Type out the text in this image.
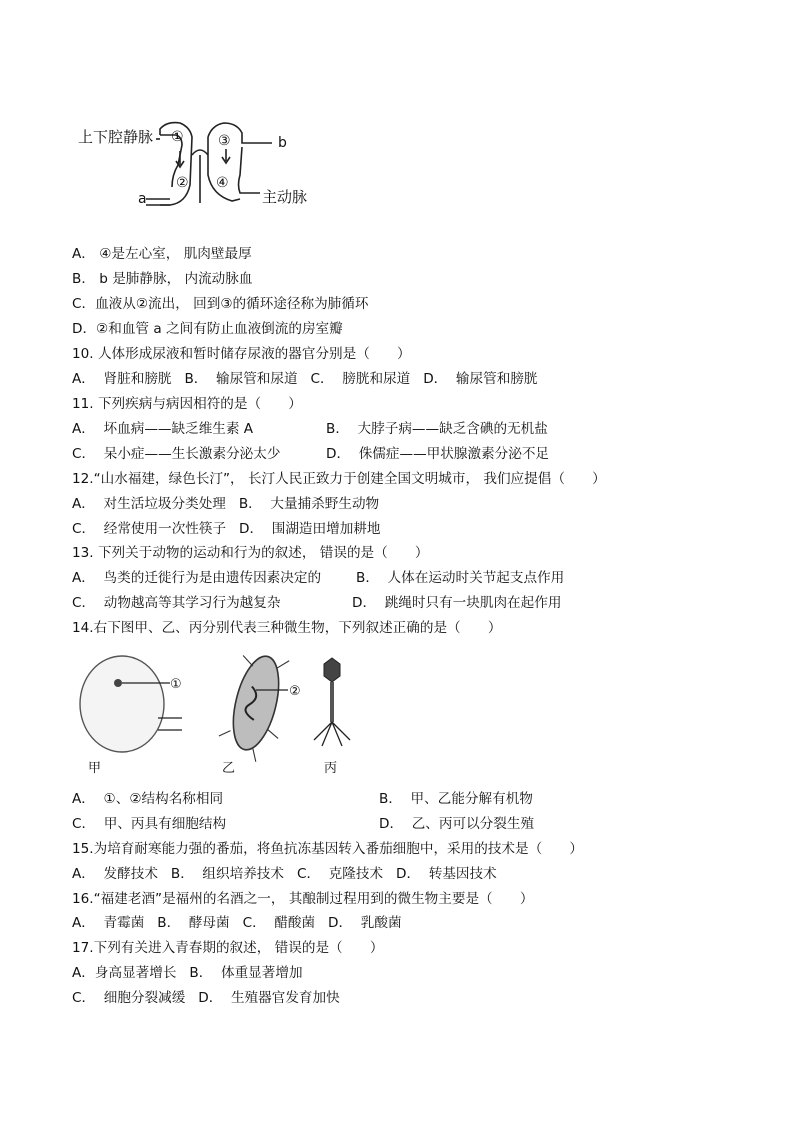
上下腔静脉	b
a	主动脉
①
②
③
④
A． ④是左心室， 肌肉壁最厚
B． b 是肺静脉， 内流动脉血
C．血液从②流出， 回到③的循环途径称为肺循环
D．②和血管 a 之间有防止血液倒流的房室瓣
10. 人体形成尿液和暂时储存尿液的器官分别是（　　）
A．  肾脏和膀胱   B．  输尿管和尿道   C．  膀胱和尿道   D．  输尿管和膀胱
11. 下列疾病与病因相符的是（　　）
A．  坏血病——缺乏维生素 A	B．  大脖子病——缺乏含碘的无机盐
C．  呆小症——生长激素分泌太少	D．  侏儒症——甲状腺激素分泌不足
12.“山水福建，绿色长汀”， 长汀人民正致力于创建全国文明城市， 我们应提倡（　　）
A．  对生活垃圾分类处理   B．  大量捕杀野生动物
C．  经常使用一次性筷子   D．  围湖造田增加耕地
13. 下列关于动物的运动和行为的叙述， 错误的是（　　）
A．  鸟类的迁徙行为是由遗传因素决定的	B．  人体在运动时关节起支点作用
C．  动物越高等其学习行为越复杂	D．  跳绳时只有一块肌肉在起作用
14.右下图甲、乙、丙分别代表三种微生物，下列叙述正确的是（　　）
①	②
甲	乙	丙
A．  ①、②结构名称相同	B．  甲、乙能分解有机物
C．  甲、丙具有细胞结构	D．  乙、丙可以分裂生殖
15.为培育耐寒能力强的番茄，将鱼抗冻基因转入番茄细胞中，采用的技术是（　　）
A．  发酵技术   B．  组织培养技术   C．  克隆技术   D．  转基因技术
16.“福建老酒”是福州的名酒之一， 其酿制过程用到的微生物主要是（　　）
A．  青霉菌   B．  酵母菌   C．  醋酸菌   D．  乳酸菌
17.下列有关进入青春期的叙述， 错误的是（　　）
A．身高显著增长   B．  体重显著增加
C．  细胞分裂减缓   D．  生殖器官发育加快
